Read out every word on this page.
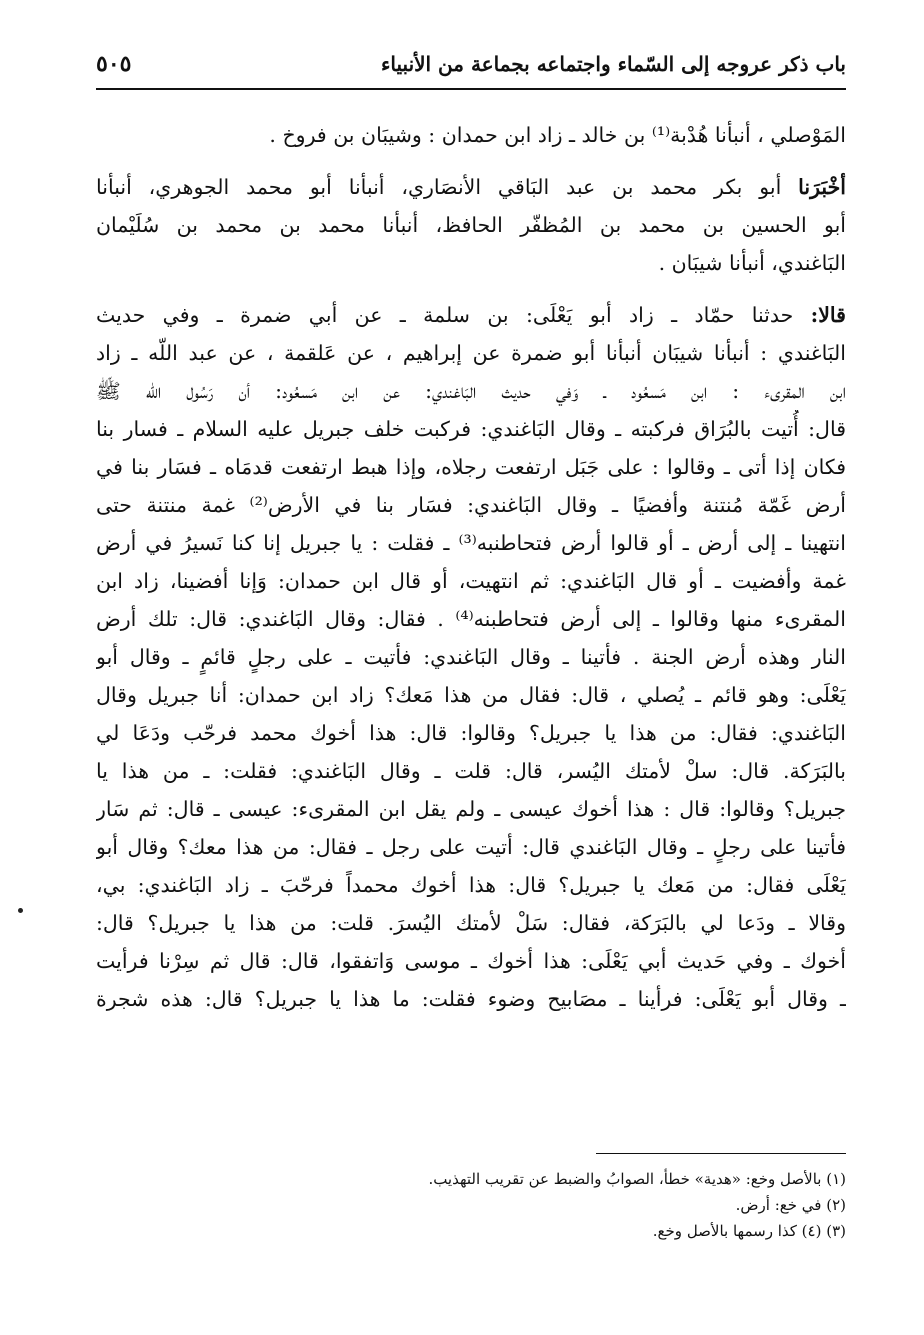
باب ذكر عروجه إلى السّماء واجتماعه بجماعة من الأنبياء
٥٠٥
المَوْصلي ، أنبأنا هُدْبة⁽¹⁾ بن خالد ـ زاد ابن حمدان : وشيبَان بن فروخ .
أخْبَرَنا أبو بكر محمد بن عبد البَاقي الأنصَاري، أنبأنا أبو محمد الجوهري، أنبأنا
أبو الحسين بن محمد بن المُظفّر الحافظ، أنبأنا محمد بن محمد بن سُلَيْمان
البَاغندي، أنبأنا شيبَان .
قالا: حدثنا حمّاد ـ زاد أبو يَعْلَى: بن سلمة ـ عن أبي ضمرة ـ وفي حديث
البَاغندي : أنبأنا شيبَان أنبأنا أبو ضمرة عن إبراهيم ، عن عَلقمة ، عن عبد اللّه ـ زاد
ابن المقرىء : ابن مَسعُود ـ وَفي حديث البَاغندي: عن ابن مَسعُود: أن رَسُول اللّه ﷺ
قال: أُتيت بالبُرَاق فركبته ـ وقال البَاغندي: فركبت خلف جبريل عليه السلام ـ فسار بنا
فكان إذا أتى ـ وقالوا : على جَبَل ارتفعت رجلاه، وإذا هبط ارتفعت قدمَاه ـ فسَار بنا في
أرض غَمّة مُنتنة وأفضيًا ـ وقال البَاغندي: فسَار بنا في الأرض⁽²⁾ غمة منتنة حتى
انتهينا ـ إلى أرض ـ أو قالوا أرض فتحاطنبه⁽³⁾ ـ فقلت : يا جبريل إنا كنا نَسيرُ في أرض
غمة وأفضيت ـ أو قال البَاغندي: ثم انتهيت، أو قال ابن حمدان: وَإنا أفضينا، زاد ابن
المقرىء منها وقالوا ـ إلى أرض فتحاطبنه⁽⁴⁾ . فقال: وقال البَاغندي: قال: تلك أرض
النار وهذه أرض الجنة . فأتينا ـ وقال البَاغندي: فأتيت ـ على رجلٍ قائمٍ ـ وقال أبو
يَعْلَى: وهو قائم ـ يُصلي ، قال: فقال من هذا مَعك؟ زاد ابن حمدان: أنا جبريل وقال
البَاغندي: فقال: من هذا يا جبريل؟ وقالوا: قال: هذا أخوك محمد فرحّب ودَعَا لي
بالبَرَكة. قال: سلْ لأمتك اليُسر، قال: قلت ـ وقال البَاغندي: فقلت: ـ من هذا يا
جبريل؟ وقالوا: قال : هذا أخوك عيسى ـ ولم يقل ابن المقرىء: عيسى ـ قال: ثم سَار
فأتينا على رجلٍ ـ وقال البَاغندي قال: أتيت على رجل ـ فقال: من هذا معك؟ وقال أبو
يَعْلَى فقال: من مَعك يا جبريل؟ قال: هذا أخوك محمداً فرحّبَ ـ زاد البَاغندي: بي،
وقالا ـ ودَعا لي بالبَرَكة، فقال: سَلْ لأمتك اليُسرَ. قلت: من هذا يا جبريل؟ قال:
أخوك ـ وفي حَديث أبي يَعْلَى: هذا أخوك ـ موسى وَاتفقوا، قال: قال ثم سِرْنا فرأيت
ـ وقال أبو يَعْلَى: فرأينا ـ مصَابيح وضوء فقلت: ما هذا يا جبريل؟ قال: هذه شجرة
(١) بالأصل وخع: «هدية» خطأ، الصوابُ والضبط عن تقريب التهذيب.
(٢) في خع: أرض.
(٣) (٤) كذا رسمها بالأصل وخع.
